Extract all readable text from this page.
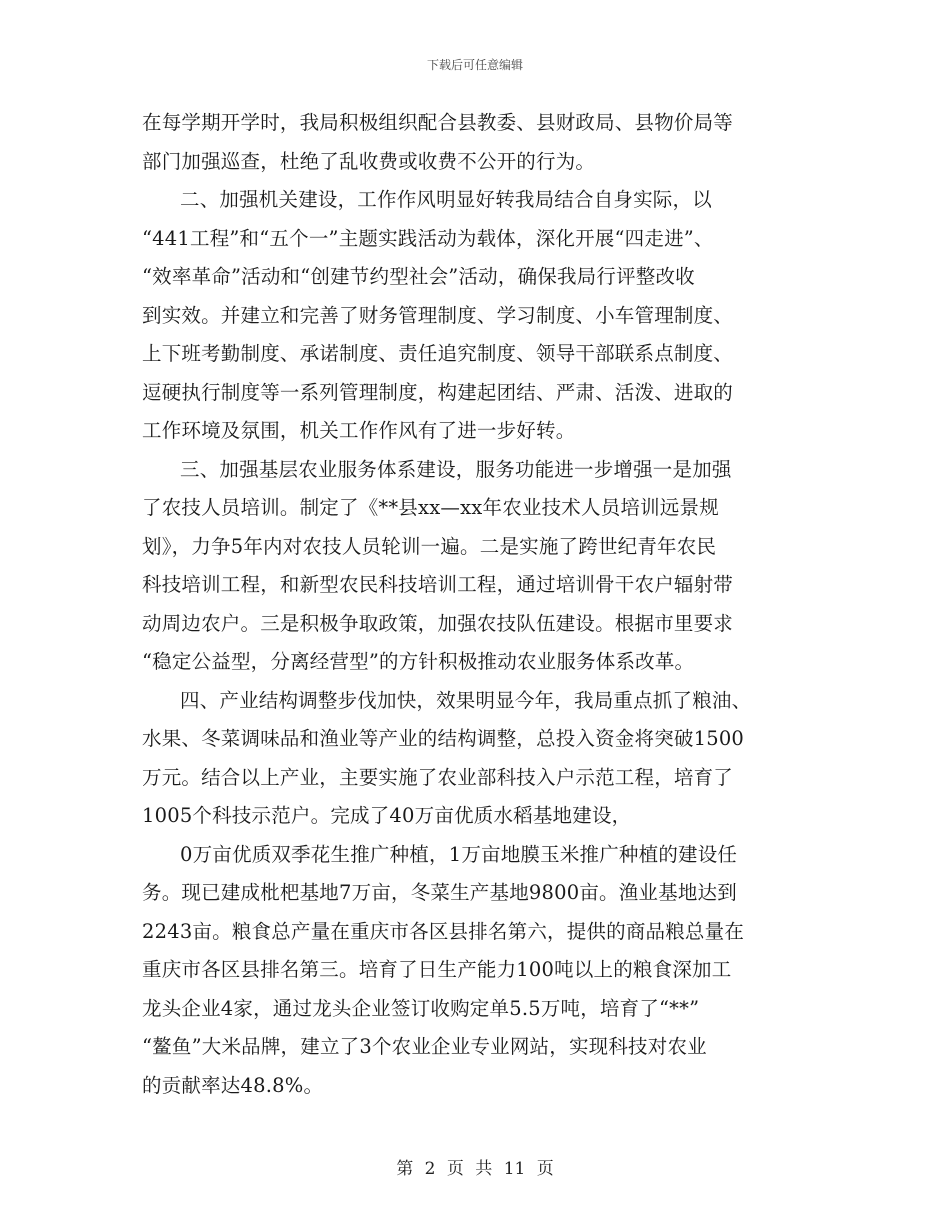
下载后可任意编辑
在每学期开学时，我局积极组织配合县教委、县财政局、县物价局等
部门加强巡查，杜绝了乱收费或收费不公开的行为。
二、加强机关建设，工作作风明显好转我局结合自身实际，以
“441工程”和“五个一”主题实践活动为载体，深化开展“四走进”、
“效率革命”活动和“创建节约型社会”活动，确保我局行评整改收
到实效。并建立和完善了财务管理制度、学习制度、小车管理制度、
上下班考勤制度、承诺制度、责任追究制度、领导干部联系点制度、
逗硬执行制度等一系列管理制度，构建起团结、严肃、活泼、进取的
工作环境及氛围，机关工作作风有了进一步好转。
三、加强基层农业服务体系建设，服务功能进一步增强一是加强
了农技人员培训。制定了《**县xx—xx年农业技术人员培训远景规
划》，力争5年内对农技人员轮训一遍。二是实施了跨世纪青年农民
科技培训工程，和新型农民科技培训工程，通过培训骨干农户辐射带
动周边农户。三是积极争取政策，加强农技队伍建设。根据市里要求
“稳定公益型，分离经营型”的方针积极推动农业服务体系改革。
四、产业结构调整步伐加快，效果明显今年，我局重点抓了粮油、
水果、冬菜调味品和渔业等产业的结构调整，总投入资金将突破1500
万元。结合以上产业，主要实施了农业部科技入户示范工程，培育了
1005个科技示范户。完成了40万亩优质水稻基地建设，
0万亩优质双季花生推广种植，1万亩地膜玉米推广种植的建设任
务。现已建成枇杷基地7万亩，冬菜生产基地9800亩。渔业基地达到
2243亩。粮食总产量在重庆市各区县排名第六，提供的商品粮总量在
重庆市各区县排名第三。培育了日生产能力100吨以上的粮食深加工
龙头企业4家，通过龙头企业签订收购定单5.5万吨，培育了“**”
“鳌鱼”大米品牌，建立了3个农业企业专业网站，实现科技对农业
的贡献率达48.8%。
第 2 页 共 11 页
